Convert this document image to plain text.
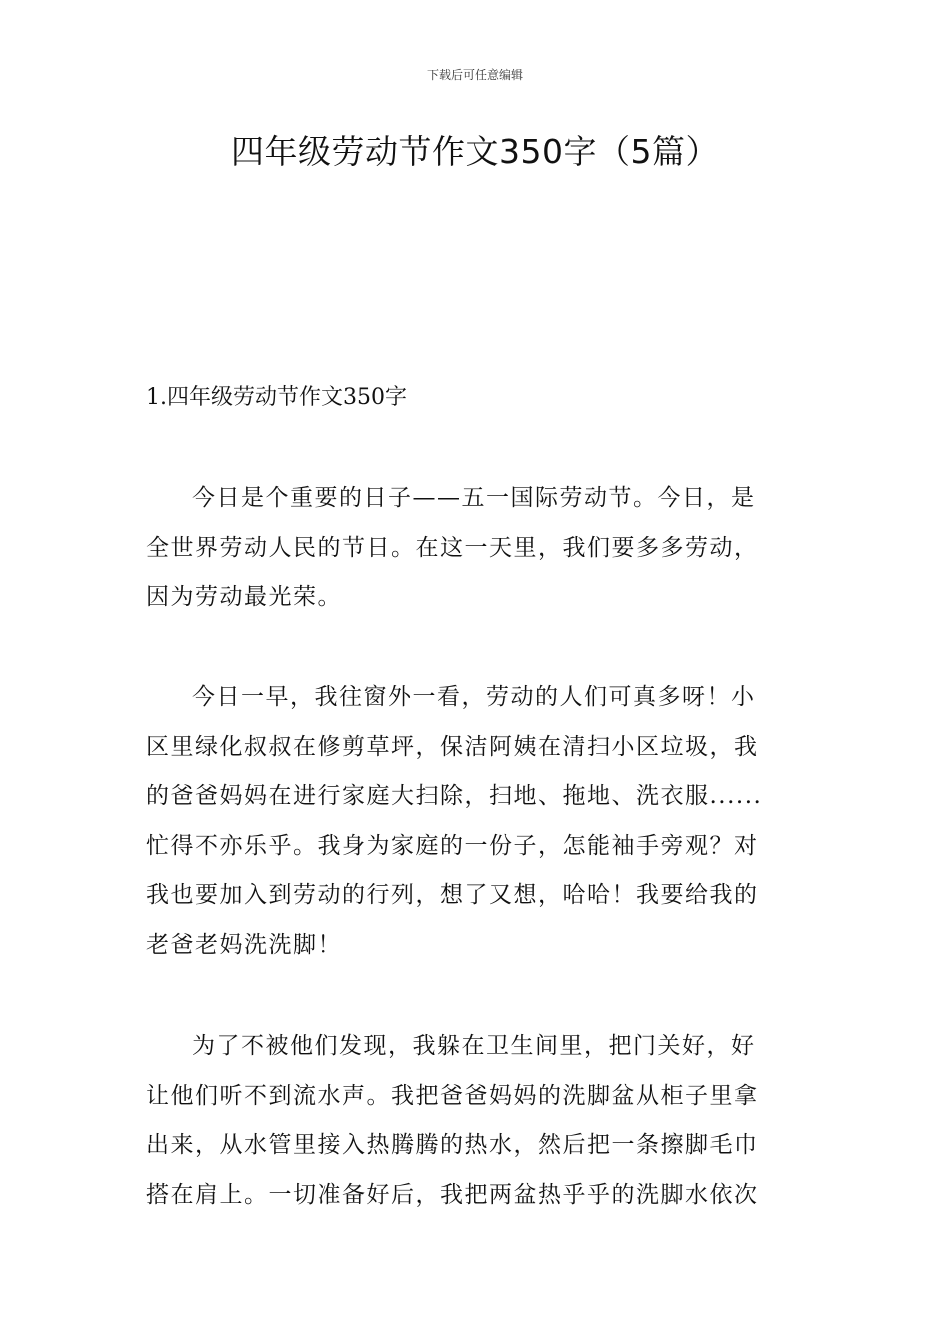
下载后可任意编辑
四年级劳动节作文350字（5篇）
1.四年级劳动节作文350字

今日是个重要的日子——五一国际劳动节。今日，是
全世界劳动人民的节日。在这一天里，我们要多多劳动，
因为劳动最光荣。

今日一早，我往窗外一看，劳动的人们可真多呀！小
区里绿化叔叔在修剪草坪，保洁阿姨在清扫小区垃圾，我
的爸爸妈妈在进行家庭大扫除，扫地、拖地、洗衣服......
忙得不亦乐乎。我身为家庭的一份子，怎能袖手旁观？对
我也要加入到劳动的行列，想了又想，哈哈！我要给我的
老爸老妈洗洗脚！

为了不被他们发现，我躲在卫生间里，把门关好，好
让他们听不到流水声。我把爸爸妈妈的洗脚盆从柜子里拿
出来，从水管里接入热腾腾的热水，然后把一条擦脚毛巾
搭在肩上。一切准备好后，我把两盆热乎乎的洗脚水依次
